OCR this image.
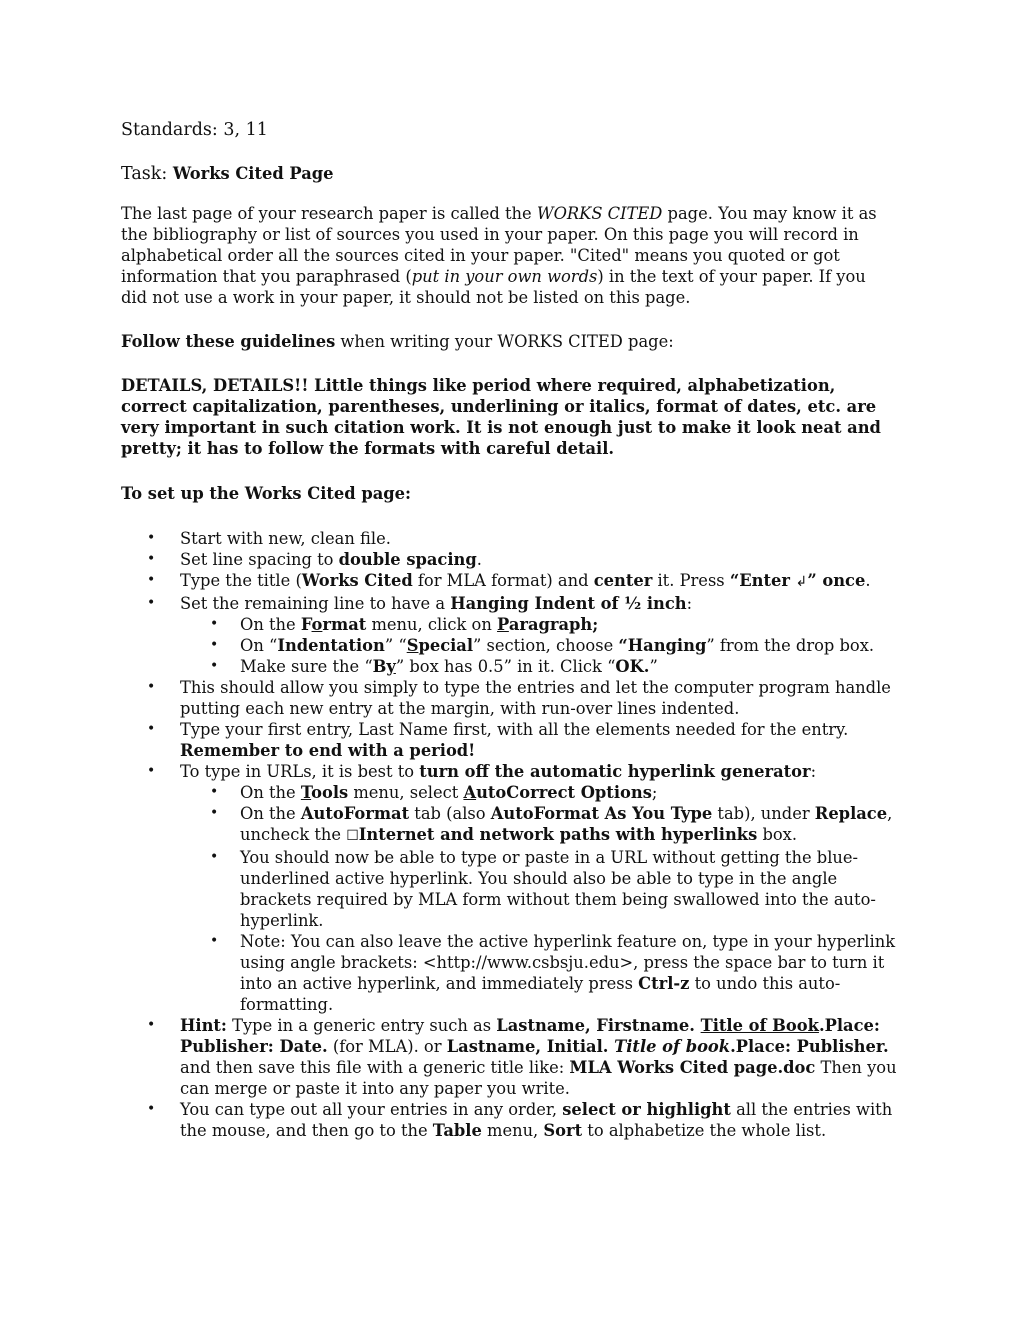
Standards: 3, 11

Task: Works Cited Page

The last page of your research paper is called the WORKS CITED page. You may know it as the bibliography or list of sources you used in your paper. On this page you will record in alphabetical order all the sources cited in your paper. "Cited" means you quoted or got information that you paraphrased (put in your own words) in the text of your paper. If you did not use a work in your paper, it should not be listed on this page.

Follow these guidelines when writing your WORKS CITED page:

DETAILS, DETAILS!! Little things like period where required, alphabetization, correct capitalization, parentheses, underlining or italics, format of dates, etc. are very important in such citation work. It is not enough just to make it look neat and pretty; it has to follow the formats with careful detail.

To set up the Works Cited page:

• Start with new, clean file.
• Set line spacing to double spacing.
• Type the title (Works Cited for MLA format) and center it. Press “Enter ↲” once.
• Set the remaining line to have a Hanging Indent of ½ inch:
• On the Format menu, click on Paragraph;
• On “Indentation” “Special” section, choose “Hanging” from the drop box.
• Make sure the “By” box has 0.5” in it. Click “OK.”
• This should allow you simply to type the entries and let the computer program handle putting each new entry at the margin, with run-over lines indented.
• Type your first entry, Last Name first, with all the elements needed for the entry. Remember to end with a period!
• To type in URLs, it is best to turn off the automatic hyperlink generator:
• On the Tools menu, select AutoCorrect Options;
• On the AutoFormat tab (also AutoFormat As You Type tab), under Replace, uncheck the ☐Internet and network paths with hyperlinks box.
• You should now be able to type or paste in a URL without getting the blue-underlined active hyperlink. You should also be able to type in the angle brackets required by MLA form without them being swallowed into the auto-hyperlink.
• Note: You can also leave the active hyperlink feature on, type in your hyperlink using angle brackets: <http://www.csbsju.edu>, press the space bar to turn it into an active hyperlink, and immediately press Ctrl-z to undo this auto-formatting.
• Hint: Type in a generic entry such as Lastname, Firstname. Title of Book.Place: Publisher: Date. (for MLA). or Lastname, Initial. Title of book.Place: Publisher. and then save this file with a generic title like: MLA Works Cited page.doc Then you can merge or paste it into any paper you write.
• You can type out all your entries in any order, select or highlight all the entries with the mouse, and then go to the Table menu, Sort to alphabetize the whole list.
